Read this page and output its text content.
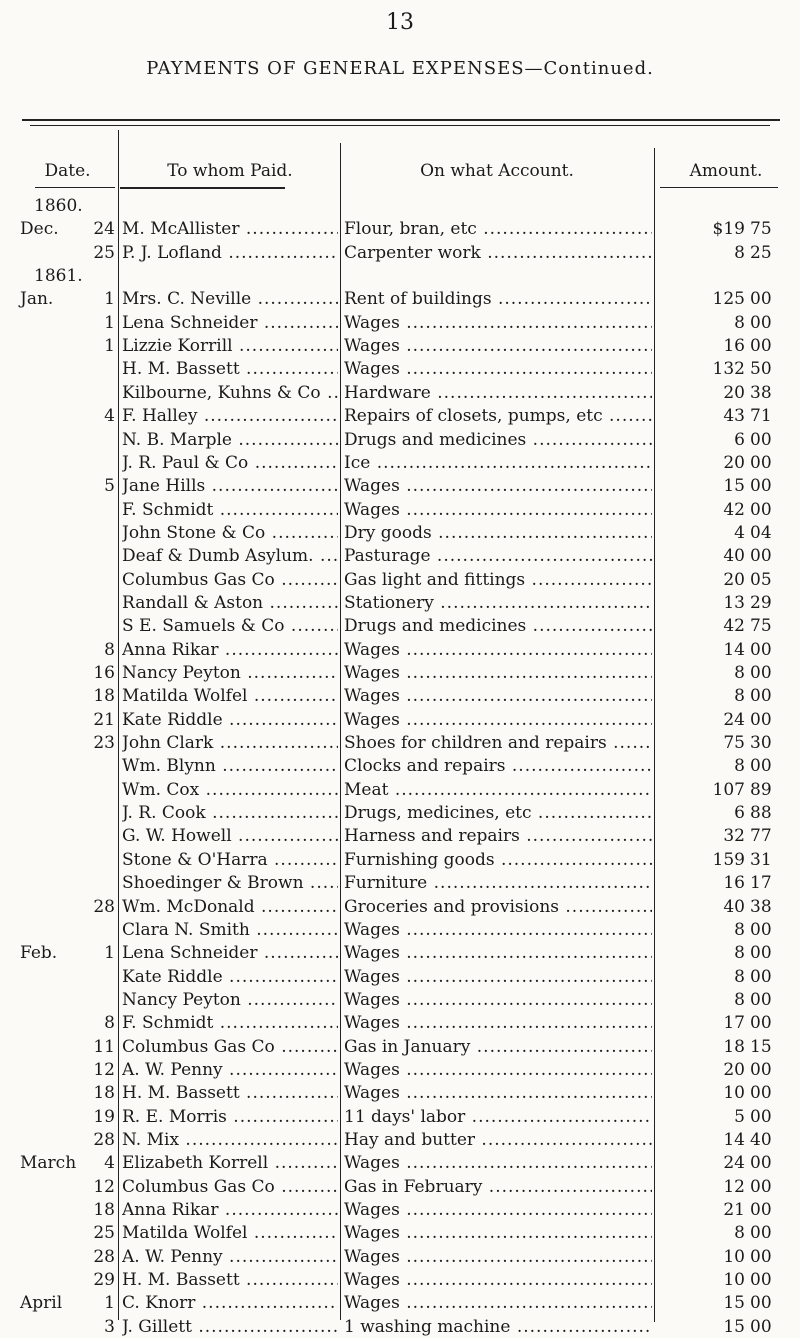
13
PAYMENTS OF GENERAL EXPENSES—Continued.
Date.	To whom Paid.	On what Account.	Amount.
1860.
Dec.	24 M. McAllister .....	Flour, bran, etc .....	$19 75
25 P. J. Lofland .....	Carpenter work .....	8 25
1861.
Jan.	1 Mrs. C. Neville .....	Rent of buildings .....	125 00
1 Lena Schneider .....	Wages .....	8 00
1 Lizzie Korrill .....	Wages .....	16 00
H. M. Bassett .....	Wages .....	132 50
Kilbourne, Kuhns & Co .....	Hardware .....	20 38
4 F. Halley .....	Repairs of closets, pumps, etc .....	43 71
N. B. Marple .....	Drugs and medicines .....	6 00
J. R. Paul & Co .....	Ice .....	20 00
5 Jane Hills .....	Wages .....	15 00
F. Schmidt .....	Wages .....	42 00
John Stone & Co .....	Dry goods .....	4 04
Deaf & Dumb Asylum. .....	Pasturage .....	40 00
Columbus Gas Co .....	Gas light and fittings .....	20 05
Randall & Aston .....	Stationery .....	13 29
S E. Samuels & Co .....	Drugs and medicines .....	42 75
8 Anna Rikar .....	Wages .....	14 00
16 Nancy Peyton .....	Wages .....	8 00
18 Matilda Wolfel .....	Wages .....	8 00
21 Kate Riddle .....	Wages .....	24 00
23 John Clark .....	Shoes for children and repairs .....	75 30
Wm. Blynn .....	Clocks and repairs .....	8 00
Wm. Cox .....	Meat .....	107 89
J. R. Cook .....	Drugs, medicines, etc .....	6 88
G. W. Howell .....	Harness and repairs .....	32 77
Stone & O'Harra .....	Furnishing goods .....	159 31
Shoedinger & Brown .....	Furniture .....	16 17
28 Wm. McDonald .....	Groceries and provisions .....	40 38
Clara N. Smith .....	Wages .....	8 00
Feb.	1 Lena Schneider .....	Wages .....	8 00
Kate Riddle .....	Wages .....	8 00
Nancy Peyton .....	Wages .....	8 00
8 F. Schmidt .....	Wages .....	17 00
11 Columbus Gas Co .....	Gas in January .....	18 15
12 A. W. Penny .....	Wages .....	20 00
18 H. M. Bassett .....	Wages .....	10 00
19 R. E. Morris .....	11 days' labor .....	5 00
28 N. Mix .....	Hay and butter .....	14 40
March	4 Elizabeth Korrell .....	Wages .....	24 00
12 Columbus Gas Co .....	Gas in February .....	12 00
18 Anna Rikar .....	Wages .....	21 00
25 Matilda Wolfel .....	Wages .....	8 00
28 A. W. Penny .....	Wages .....	10 00
29 H. M. Bassett .....	Wages .....	10 00
April	1 C. Knorr .....	Wages .....	15 00
3 J. Gillett .....	1 washing machine .....	15 00
